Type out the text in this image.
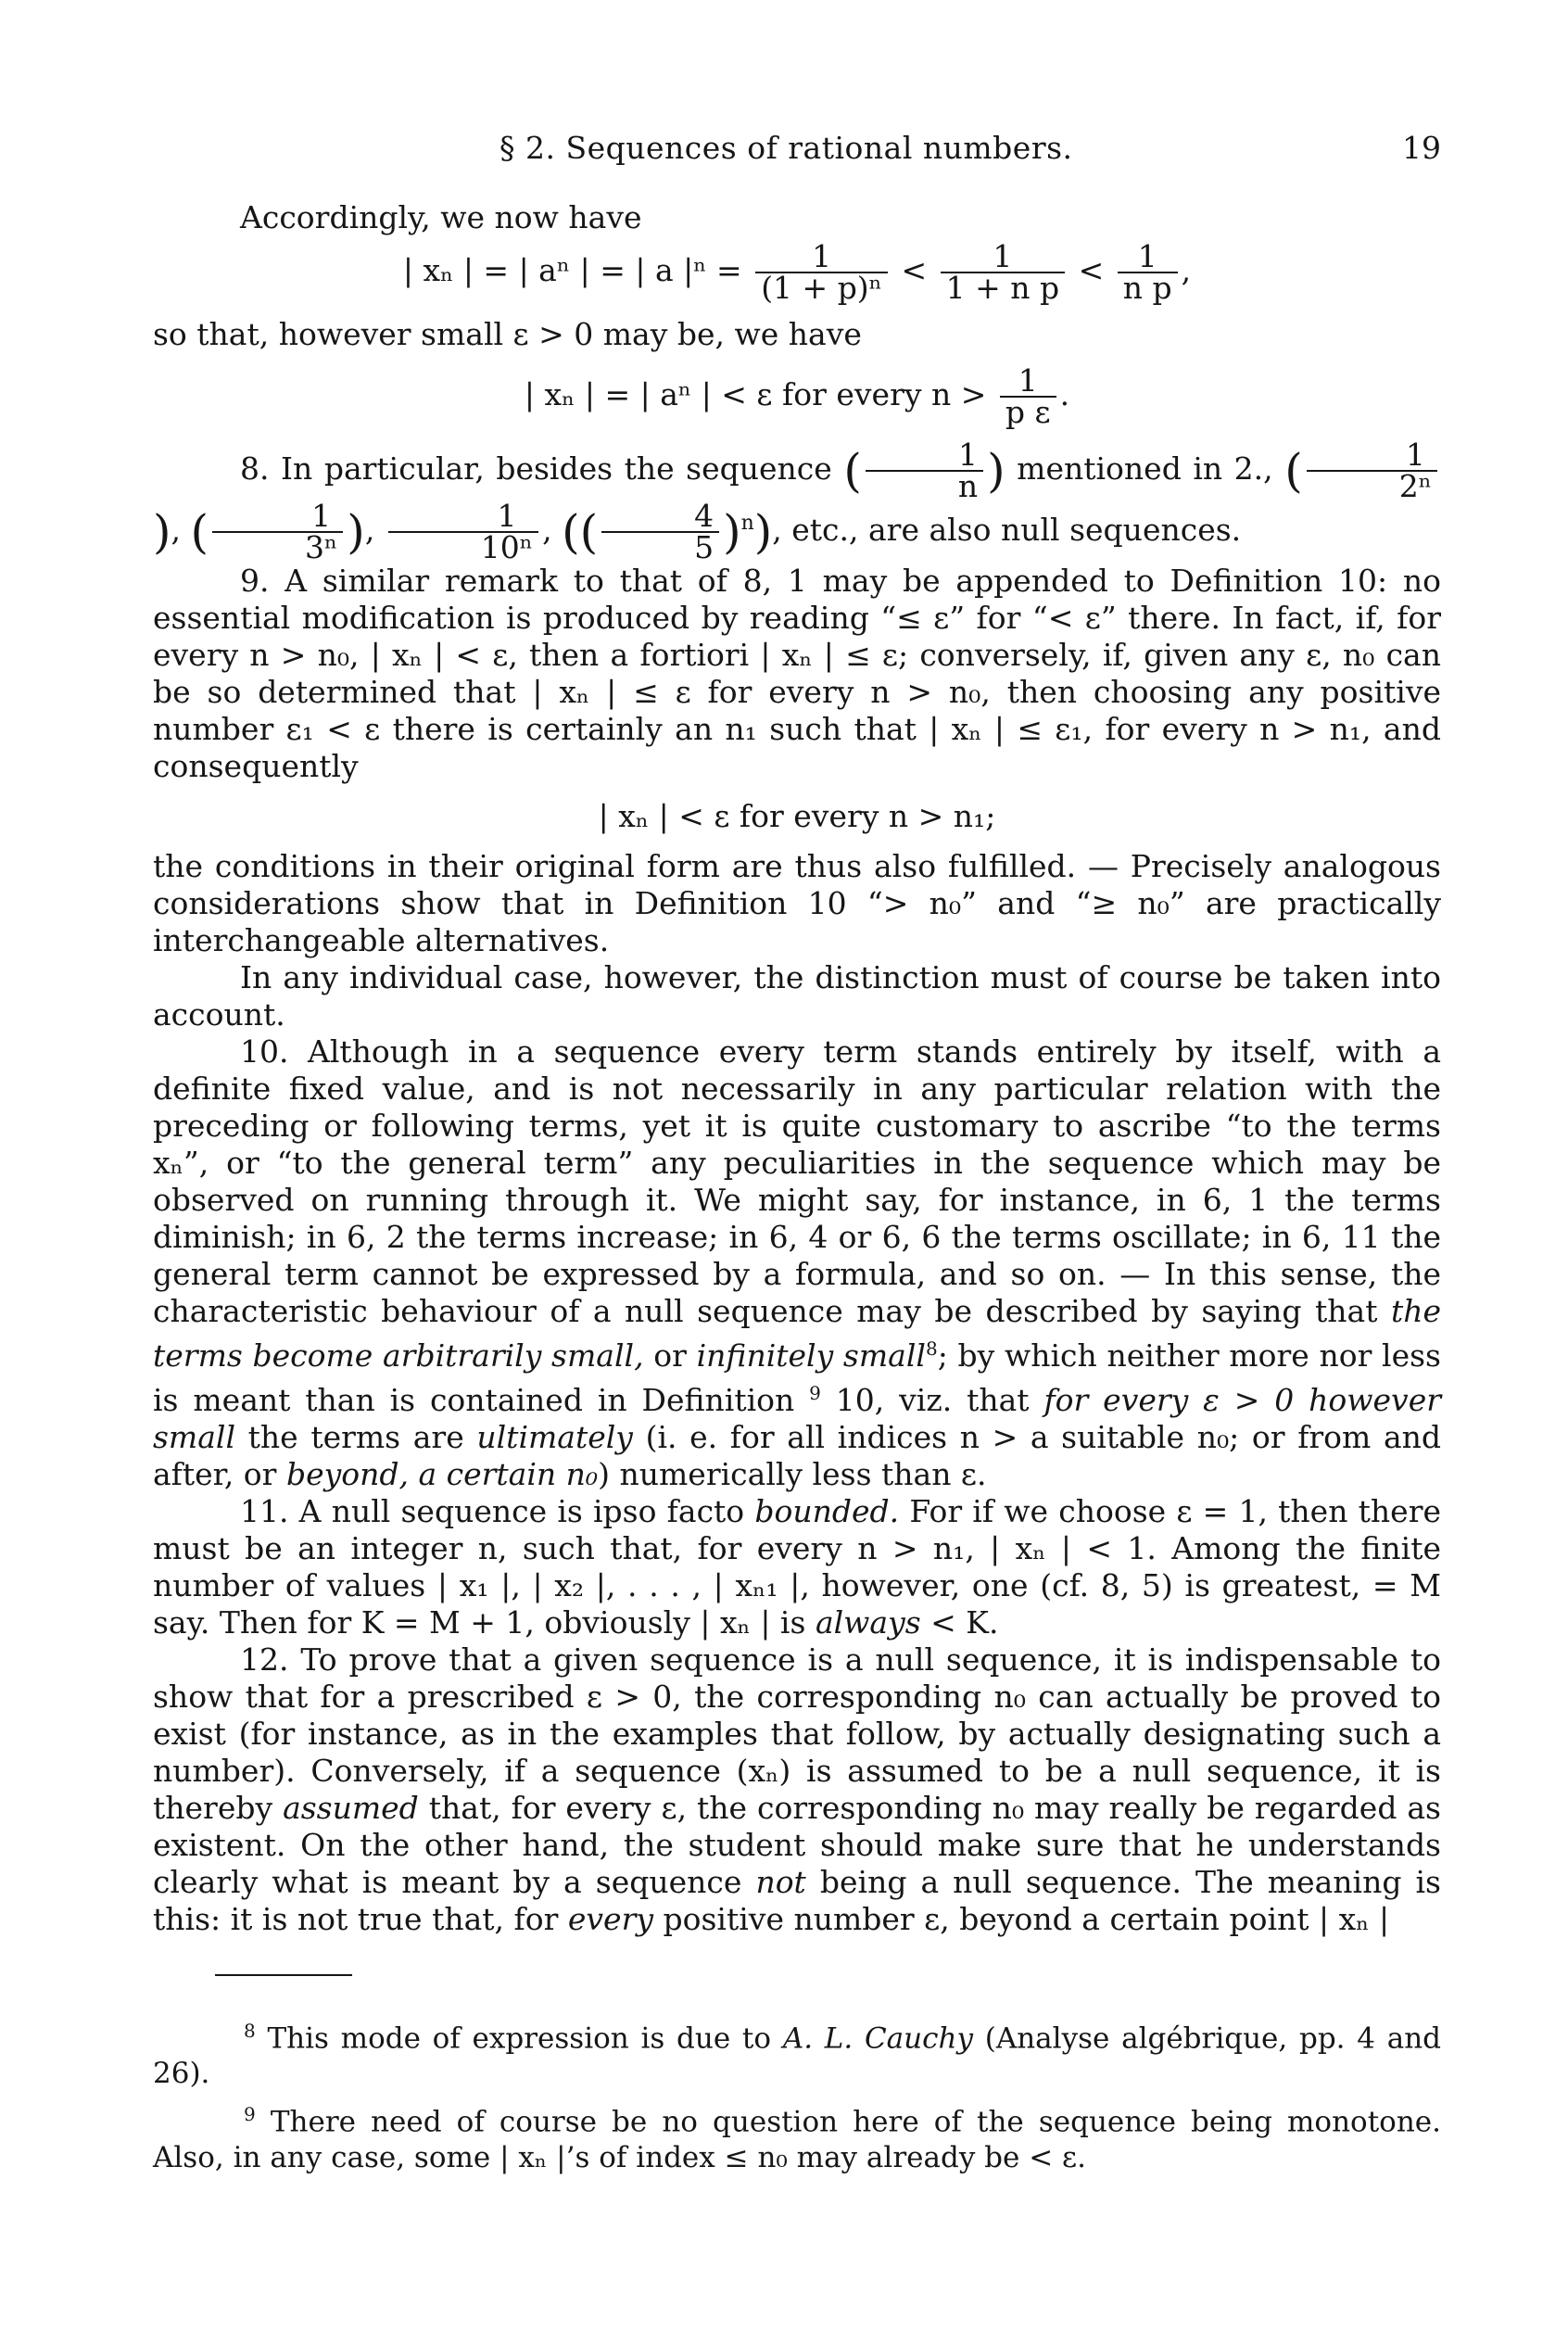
§ 2. Sequences of rational numbers.	19

Accordingly, we now have

| xₙ | = | aⁿ | = | a $|^n = \frac{1}{\text{(1 + p)ⁿ}} < \frac{1}{\text{1 + n p}} < \frac{1}{\text{n p}}$ ,

so that, however small ε > 0 may be, we have

| xₙ | = | aⁿ | < ε for every $n > \frac{1}{\text{p ε}}$ .

8. In particular, besides the sequence ( $\frac{1}{n}$ ) mentioned in 2., ( $\frac{1}{\text{2ⁿ}}$
), ( $\frac{1}{\text{3ⁿ}}$ ), $\frac{1}{\text{10ⁿ}}$ , (( $\frac{4}{5} )^n$), etc., are also null sequences.

9. A similar remark to that of 8, 1 may be appended to Definition 10: no essential modification is produced by reading “≤ ε” for “< ε” there. In fact, if, for every n > n₀, | xₙ | < ε, then a fortiori | xₙ | ≤ ε; conversely, if, given any ε, n₀ can be so determined that | xₙ | ≤ ε for every n > n₀, then choosing any positive number ε₁ < ε there is certainly an n₁ such that | xₙ | ≤ ε₁, for every n > n₁, and consequently

| xₙ | < ε for every n > n₁;

the conditions in their original form are thus also fulfilled. — Precisely analogous considerations show that in Definition 10 “> n₀” and “≥ n₀” are practically interchangeable alternatives.

In any individual case, however, the distinction must of course be taken into account.

10. Although in a sequence every term stands entirely by itself, with a definite fixed value, and is not necessarily in any particular relation with the preceding or following terms, yet it is quite customary to ascribe “to the terms xₙ”, or “to the general term” any peculiarities in the sequence which may be observed on running through it. We might say, for instance, in 6, 1 the terms diminish; in 6, 2 the terms increase; in 6, 4 or 6, 6 the terms oscillate; in 6, 11 the general term cannot be expressed by a formula, and so on. — In this sense, the characteristic behaviour of a null sequence may be described by saying that the terms become arbitrarily small, or infinitely small$^8$; by which neither more nor less is meant than is contained in Definition $^9$ 10, viz. that for every ε > 0 however small the terms are ultimately (i. e. for all indices n > a suitable n₀; or from and after, or beyond, a certain n₀) numerically less than ε.

11. A null sequence is ipso facto bounded. For if we choose ε = 1, then there must be an integer n, such that, for every n > n₁, | xₙ | < 1. Among the finite number of values | x₁ |, | x₂ |, . . . , | xₙ₁ |, however, one (cf. 8, 5) is greatest, = M say. Then for K = M + 1, obviously | xₙ | is always < K.

12. To prove that a given sequence is a null sequence, it is indispensable to show that for a prescribed ε > 0, the corresponding n₀ can actually be proved to exist (for instance, as in the examples that follow, by actually designating such a number). Conversely, if a sequence (xₙ) is assumed to be a null sequence, it is thereby assumed that, for every ε, the corresponding n₀ may really be regarded as existent. On the other hand, the student should make sure that he understands clearly what is meant by a sequence not being a null sequence. The meaning is this: it is not true that, for every positive number ε, beyond a certain point | xₙ |

$^8$ This mode of expression is due to A. L. Cauchy (Analyse algébrique, pp. 4 and 26).

$^9$ There need of course be no question here of the sequence being monotone. Also, in any case, some | xₙ |’s of index ≤ n₀ may already be < ε.
